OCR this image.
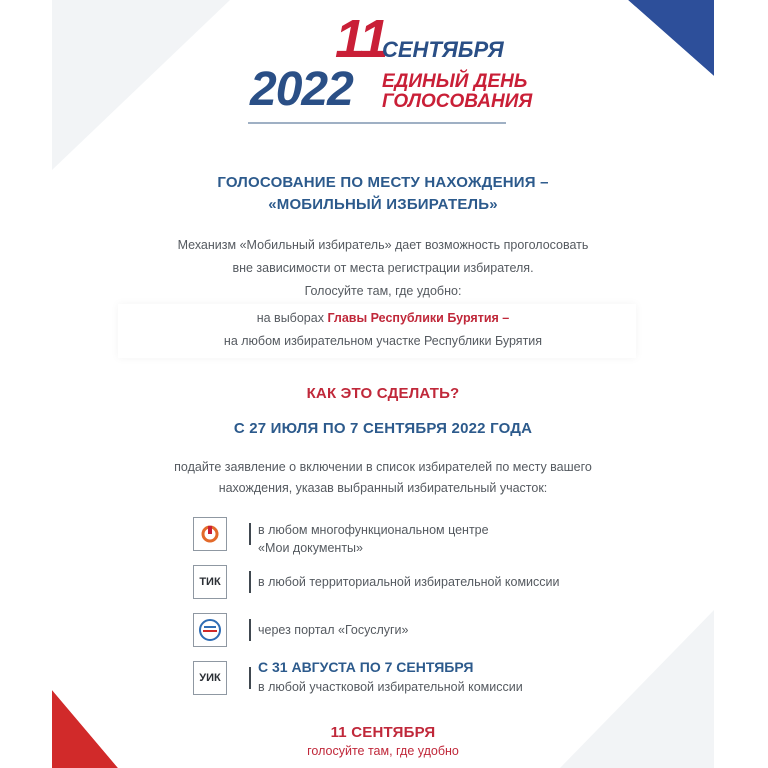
11
СЕНТЯБРЯ
2022 ЕДИНЫЙ ДЕНЬ
ГОЛОСОВАНИЯ
ГОЛОСОВАНИЕ ПО МЕСТУ НАХОЖДЕНИЯ –
«МОБИЛЬНЫЙ ИЗБИРАТЕЛЬ»
Механизм «Мобильный избиратель» дает возможность проголосовать
вне зависимости от места регистрации избирателя.
Голосуйте там, где удобно:
на выборах Главы Республики Бурятия –
на любом избирательном участке Республики Бурятия
КАК ЭТО СДЕЛАТЬ?
С 27 ИЮЛЯ ПО 7 СЕНТЯБРЯ 2022 ГОДА
подайте заявление о включении в список избирателей по месту вашего
нахождения, указав выбранный избирательный участок:
в любом многофункциональном центре
«Мои документы»
ТИК	в любой территориальной избирательной комиссии
через портал «Госуслуги»
УИК
С 31 АВГУСТА ПО 7 СЕНТЯБРЯ
в любой участковой избирательной комиссии
11 СЕНТЯБРЯ
голосуйте там, где удобно
